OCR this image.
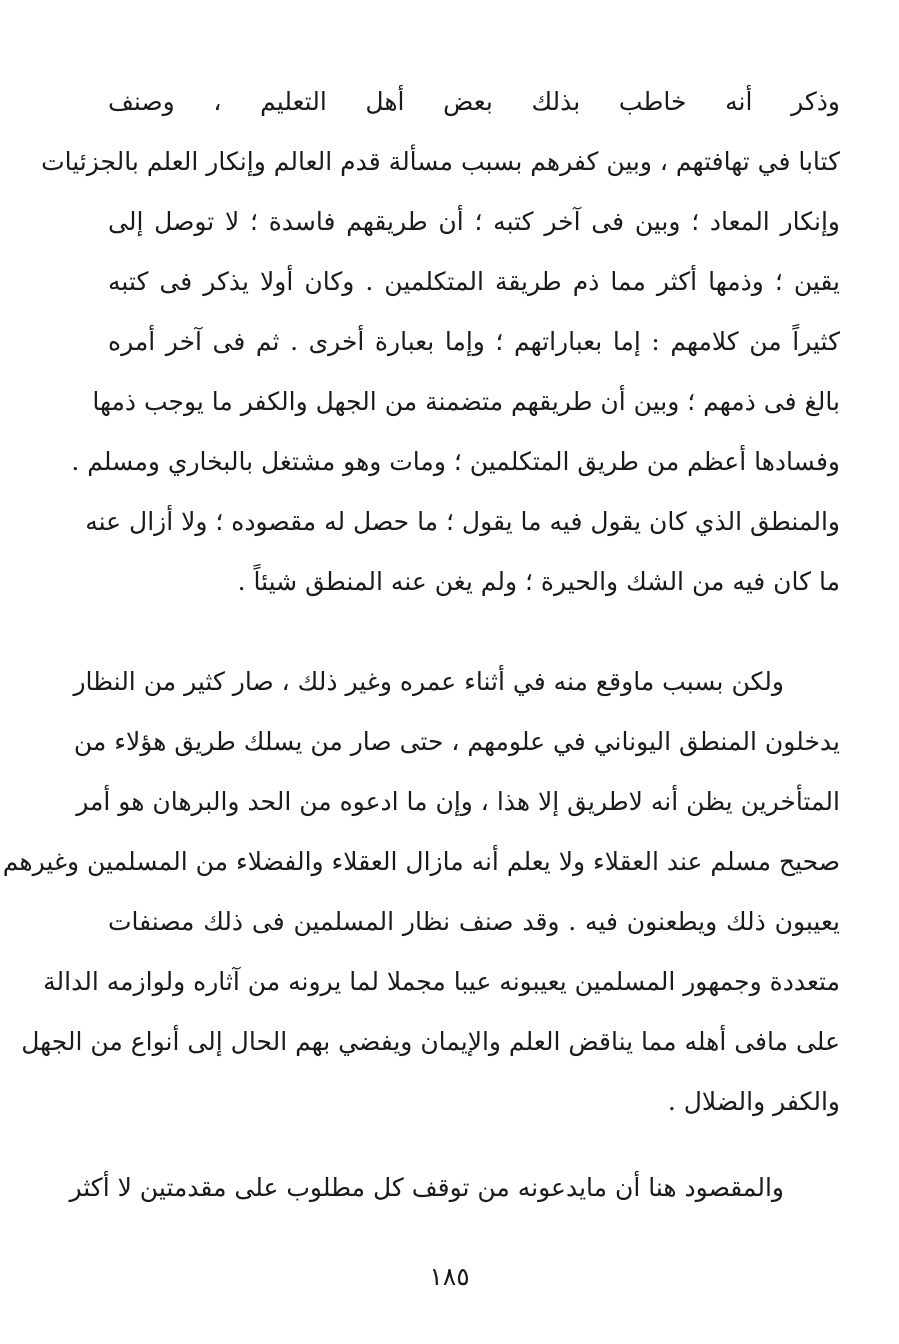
وذكر أنه خاطب بذلك بعض أهل التعليم ، وصنف
كتابا في تهافتهم ، وبين كفرهم بسبب مسألة قدم العالم وإنكار العلم بالجزئيات
وإنكار المعاد ؛ وبين فى آخر كتبه ؛ أن طريقهم فاسدة ؛ لا توصل إلى
يقين ؛ وذمها أكثر مما ذم طريقة المتكلمين . وكان أولا يذكر فى كتبه
كثيراً من كلامهم : إما بعباراتهم ؛ وإما بعبارة أخرى . ثم فى آخر أمره
بالغ فى ذمهم ؛ وبين أن طريقهم متضمنة من الجهل والكفر ما يوجب ذمها
وفسادها أعظم من طريق المتكلمين ؛ ومات وهو مشتغل بالبخاري ومسلم .
والمنطق الذي كان يقول فيه ما يقول ؛ ما حصل له مقصوده ؛ ولا أزال عنه
ما كان فيه من الشك والحيرة ؛ ولم يغن عنه المنطق شيئاً .
ولكن بسبب ماوقع منه في أثناء عمره وغير ذلك ، صار كثير من النظار
يدخلون المنطق اليوناني في علومهم ، حتى صار من يسلك طريق هؤلاء من
المتأخرين يظن أنه لاطريق إلا هذا ، وإن ما ادعوه من الحد والبرهان هو أمر
صحيح مسلم عند العقلاء ولا يعلم أنه مازال العقلاء والفضلاء من المسلمين وغيرهم
يعيبون ذلك ويطعنون فيه . وقد صنف نظار المسلمين فى ذلك مصنفات
متعددة وجمهور المسلمين يعيبونه عيبا مجملا لما يرونه من آثاره ولوازمه الدالة
على مافى أهله مما يناقض العلم والإيمان ويفضي بهم الحال إلى أنواع من الجهل
والكفر والضلال .
والمقصود هنا أن مايدعونه من توقف كل مطلوب على مقدمتين لا أكثر
١٨٥
